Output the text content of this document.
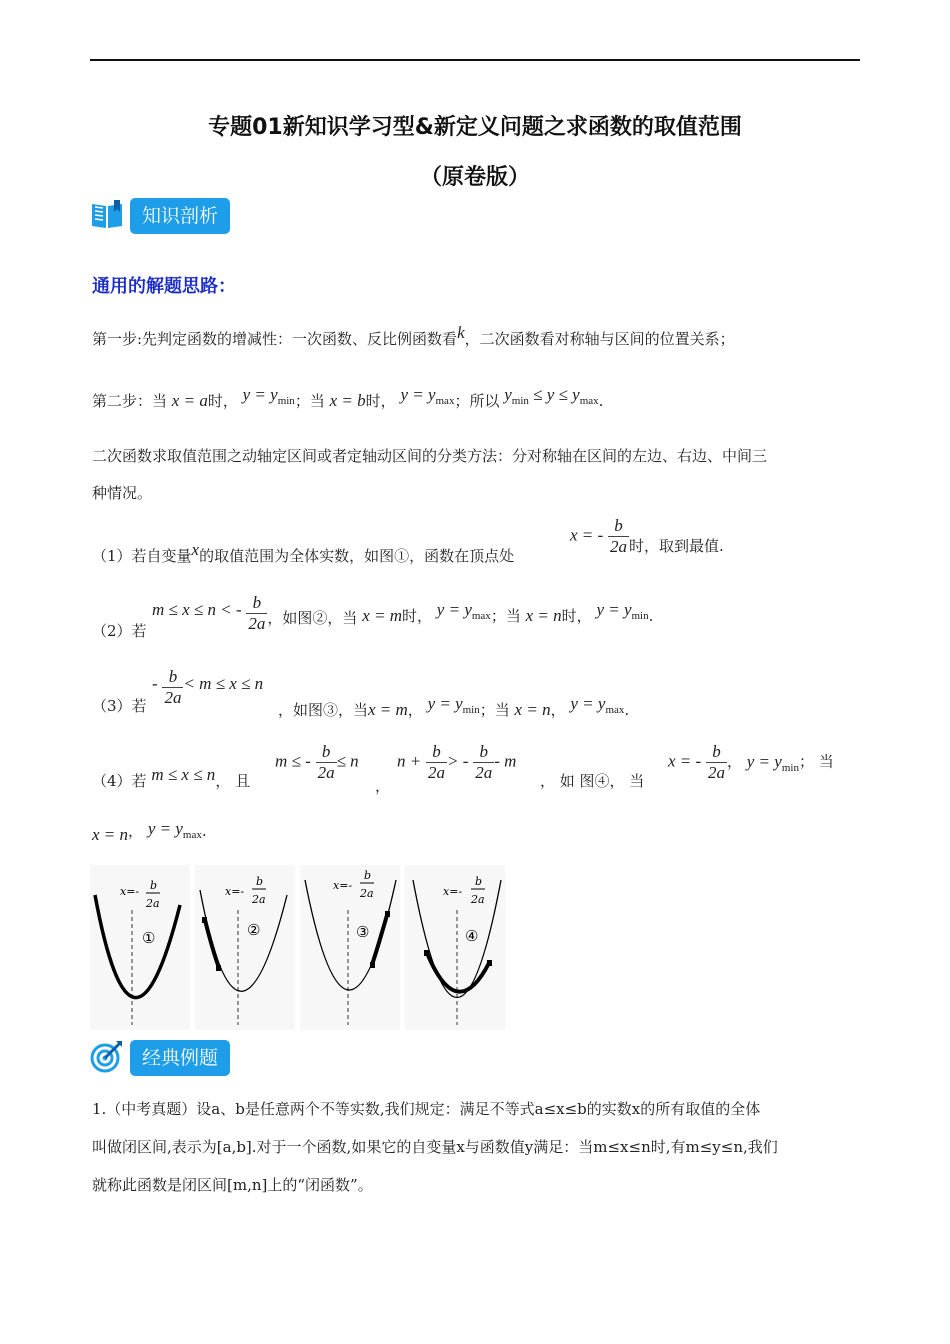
专题01新知识学习型&新定义问题之求函数的取值范围
（原卷版）
知识剖析
通用的解题思路：
第一步:先判定函数的增减性：一次函数、反比例函数看k，二次函数看对称轴与区间的位置关系；
第二步：当 x = a时， $y = y_{min}$；当 x = b时， $y = y_{max}$；所以 $y_{min} \le y \le y_{max}$.
二次函数求取值范围之动轴定区间或者定轴动区间的分类方法：分对称轴在区间的左边、右边、中间三
种情况。
（1）若自变量x的取值范围为全体实数，如图①，函数在顶点处
x = - $\frac{b}{2a}$ 时，取到最值.
（2）若
m ≤ x ≤ n < - $\frac{b}{2a}$ ，如图②，当 x = m时， $y = y_{max}$；当 x = n时， $y = y_{min}$.
（3）若
- $\frac{b}{2a} < m \le x \le n$ ，如图③，当x = m， $y = y_{min}$；当 x = n， $y = y_{max}$.
（4）若 m ≤ x ≤ n， 且
m ≤ - $\frac{b}{2a} \le n$
，
$n + \frac{b}{2a}$ > - $\frac{b}{2a}$ - m
， 如 图④， 当
x = - $\frac{b}{2a}$ ， $y = y_{min}$； 当
x = n， $y = y_{max}$.
x=- b
2a
①
x=-
b
2a
②
x=-
b
2a
③
x=-
b
2a
④
经典例题
1.（中考真题）设a、b是任意两个不等实数,我们规定：满足不等式a≤x≤b的实数x的所有取值的全体
叫做闭区间,表示为[a,b].对于一个函数,如果它的自变量x与函数值y满足：当m≤x≤n时,有m≤y≤n,我们
就称此函数是闭区间[m,n]上的“闭函数”。
